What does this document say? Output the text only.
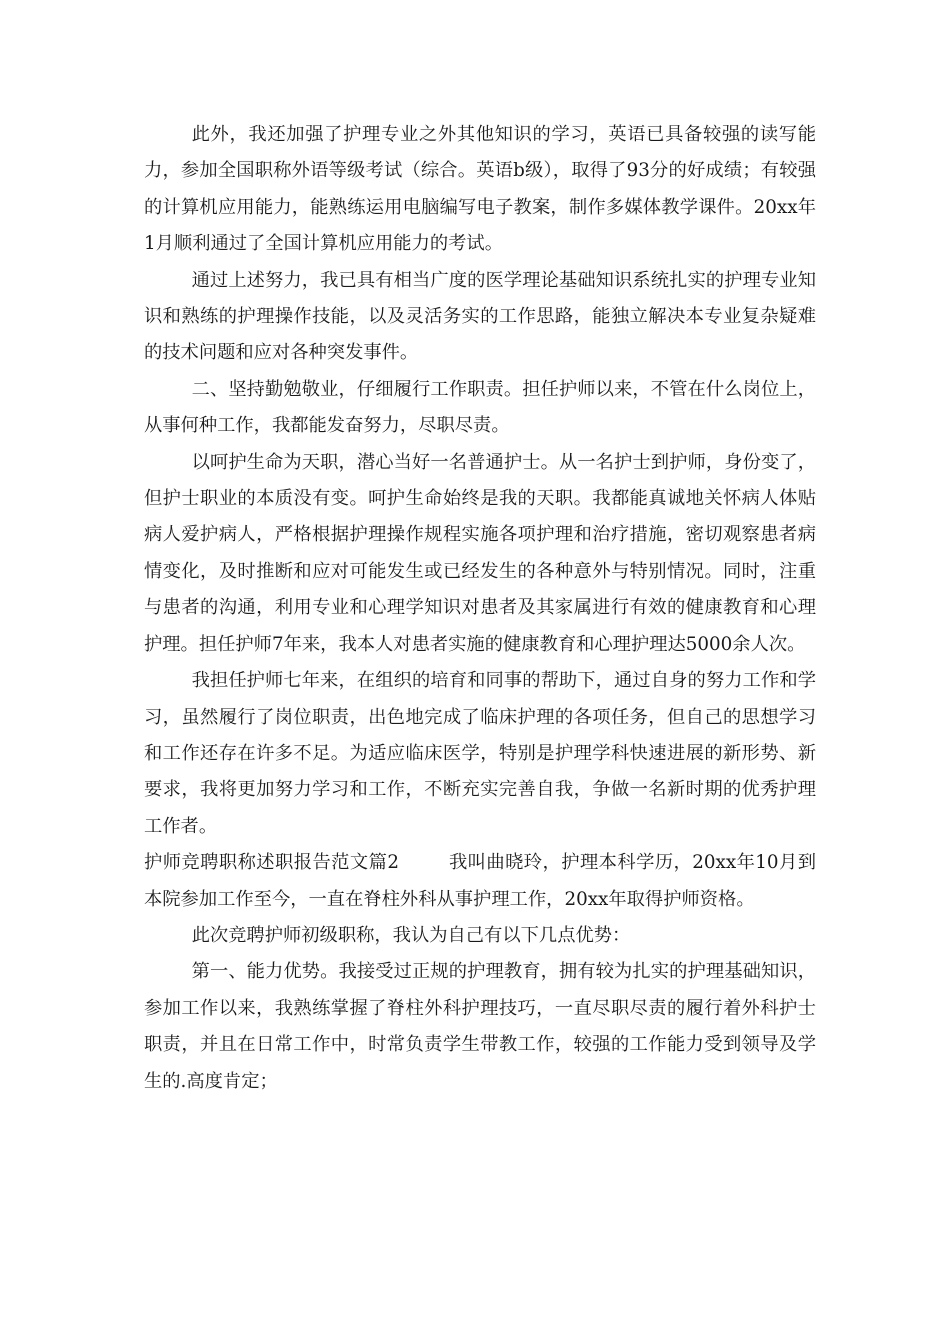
此外，我还加强了护理专业之外其他知识的学习，英语已具备较强的读写能力，参加全国职称外语等级考试（综合。英语b级），取得了93分的好成绩；有较强的计算机应用能力，能熟练运用电脑编写电子教案，制作多媒体教学课件。20xx年1月顺利通过了全国计算机应用能力的考试。

通过上述努力，我已具有相当广度的医学理论基础知识系统扎实的护理专业知识和熟练的护理操作技能，以及灵活务实的工作思路，能独立解决本专业复杂疑难的技术问题和应对各种突发事件。

二、坚持勤勉敬业，仔细履行工作职责。担任护师以来，不管在什么岗位上，从事何种工作，我都能发奋努力，尽职尽责。

以呵护生命为天职，潜心当好一名普通护士。从一名护士到护师，身份变了，但护士职业的本质没有变。呵护生命始终是我的天职。我都能真诚地关怀病人体贴病人爱护病人，严格根据护理操作规程实施各项护理和治疗措施，密切观察患者病情变化，及时推断和应对可能发生或已经发生的各种意外与特别情况。同时，注重与患者的沟通，利用专业和心理学知识对患者及其家属进行有效的健康教育和心理护理。担任护师7年来，我本人对患者实施的健康教育和心理护理达5000余人次。

我担任护师七年来，在组织的培育和同事的帮助下，通过自身的努力工作和学习，虽然履行了岗位职责，出色地完成了临床护理的各项任务，但自己的思想学习和工作还存在许多不足。为适应临床医学，特别是护理学科快速进展的新形势、新要求，我将更加努力学习和工作，不断充实完善自我，争做一名新时期的优秀护理工作者。

护师竞聘职称述职报告范文篇2	我叫曲晓玲，护理本科学历，20xx年10月到本院参加工作至今，一直在脊柱外科从事护理工作，20xx年取得护师资格。

此次竞聘护师初级职称，我认为自己有以下几点优势：

第一、能力优势。我接受过正规的护理教育，拥有较为扎实的护理基础知识，参加工作以来，我熟练掌握了脊柱外科护理技巧，一直尽职尽责的履行着外科护士职责，并且在日常工作中，时常负责学生带教工作，较强的工作能力受到领导及学生的.高度肯定；
